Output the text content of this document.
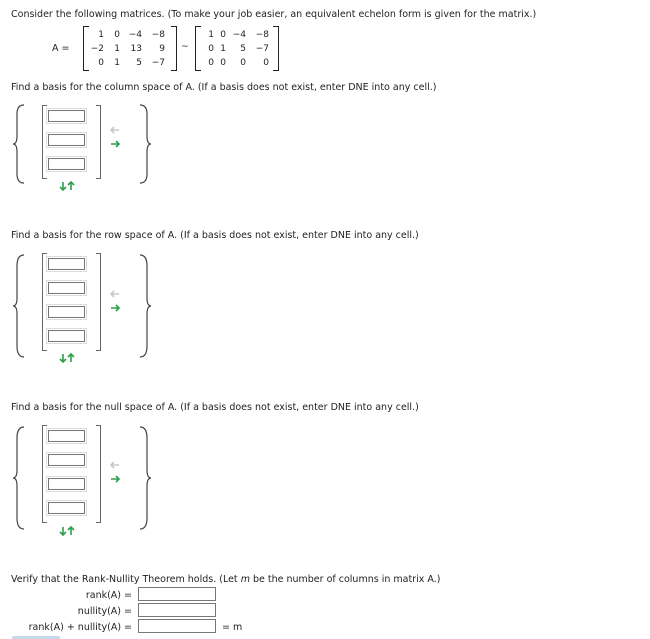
Consider the following matrices. (To make your job easier, an equivalent echelon form is given for the matrix.)
A =
1 0 −4 −8
−2 1 13 9
0 1 5 −7
~
1 0 −4 −8
0 1 5 −7
0 0 0 0
Find a basis for the column space of A. (If a basis does not exist, enter DNE into any cell.)
Find a basis for the row space of A. (If a basis does not exist, enter DNE into any cell.)
Find a basis for the null space of A. (If a basis does not exist, enter DNE into any cell.)
Verify that the Rank-Nullity Theorem holds. (Let m be the number of columns in matrix A.)
rank(A) =
nullity(A) =
rank(A) + nullity(A) =	= m
